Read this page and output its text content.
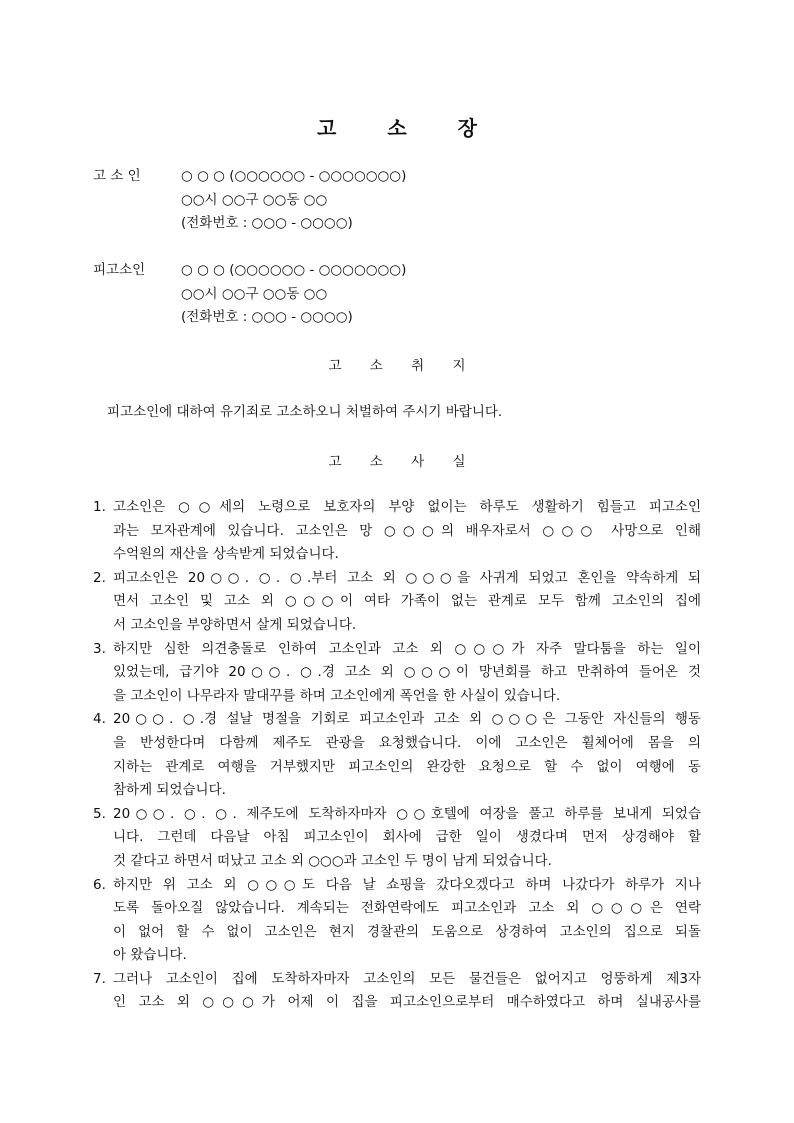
고 소 장
고 소 인	○ ○ ○ (○○○○○○ - ○○○○○○○)
○○시 ○○구 ○○동 ○○
(전화번호 : ○○○ - ○○○○)
피고소인	○ ○ ○ (○○○○○○ - ○○○○○○○)
○○시 ○○구 ○○동 ○○
(전화번호 : ○○○ - ○○○○)
고 소 취 지
피고소인에 대하여 유기죄로 고소하오니 처벌하여 주시기 바랍니다.
고 소 사 실
1. 고소인은 ○○세의 노령으로 보호자의 부양 없이는 하루도 생활하기 힘들고 피고소인
과는 모자관계에 있습니다. 고소인은 망 ○○○의 배우자로서 ○○○ 사망으로 인해
수억원의 재산을 상속받게 되었습니다.
2. 피고소인은 20○○. ○. ○.부터 고소 외 ○○○을 사귀게 되었고 혼인을 약속하게 되
면서 고소인 및 고소 외 ○○○이 여타 가족이 없는 관계로 모두 함께 고소인의 집에
서 고소인을 부양하면서 살게 되었습니다.
3. 하지만 심한 의견충돌로 인하여 고소인과 고소 외 ○○○가 자주 말다툼을 하는 일이
있었는데, 급기야 20○○. ○.경 고소 외 ○○○이 망년회를 하고 만취하여 들어온 것
을 고소인이 나무라자 말대꾸를 하며 고소인에게 폭언을 한 사실이 있습니다.
4. 20○○. ○.경 설날 명절을 기회로 피고소인과 고소 외 ○○○은 그동안 자신들의 행동
을 반성한다며 다함께 제주도 관광을 요청했습니다. 이에 고소인은 휠체어에 몸을 의
지하는 관계로 여행을 거부했지만 피고소인의 완강한 요청으로 할 수 없이 여행에 동
참하게 되었습니다.
5. 20○○. ○. ○. 제주도에 도착하자마자 ○○호텔에 여장을 풀고 하루를 보내게 되었습
니다. 그런데 다음날 아침 피고소인이 회사에 급한 일이 생겼다며 먼저 상경해야 할
것 같다고 하면서 떠났고 고소 외 ○○○과 고소인 두 명이 남게 되었습니다.
6. 하지만 위 고소 외 ○○○도 다음 날 쇼핑을 갔다오겠다고 하며 나갔다가 하루가 지나
도록 돌아오질 않았습니다. 계속되는 전화연락에도 피고소인과 고소 외 ○○○은 연락
이 없어 할 수 없이 고소인은 현지 경찰관의 도움으로 상경하여 고소인의 집으로 되돌
아 왔습니다.
7. 그러나 고소인이 집에 도착하자마자 고소인의 모든 물건들은 없어지고 엉뚱하게 제3자
인 고소 외 ○○○가 어제 이 집을 피고소인으로부터 매수하였다고 하며 실내공사를
